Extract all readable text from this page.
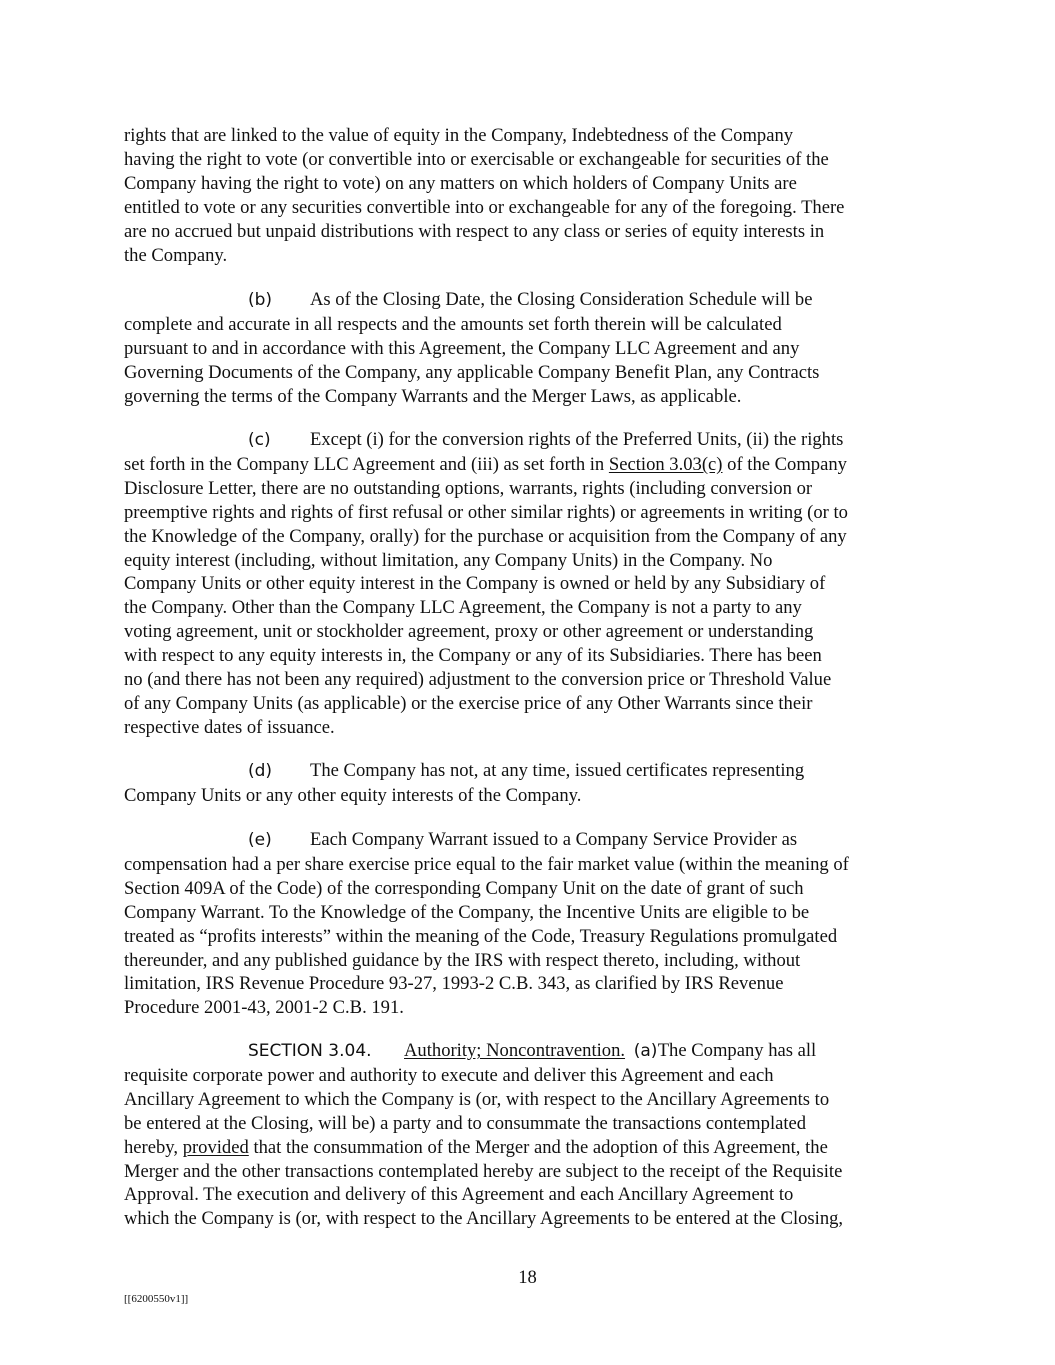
rights that are linked to the value of equity in the Company, Indebtedness of the Company
having the right to vote (or convertible into or exercisable or exchangeable for securities of the
Company having the right to vote) on any matters on which holders of Company Units are
entitled to vote or any securities convertible into or exchangeable for any of the foregoing. There
are no accrued but unpaid distributions with respect to any class or series of equity interests in
the Company.
(b) As of the Closing Date, the Closing Consideration Schedule will be
complete and accurate in all respects and the amounts set forth therein will be calculated
pursuant to and in accordance with this Agreement, the Company LLC Agreement and any
Governing Documents of the Company, any applicable Company Benefit Plan, any Contracts
governing the terms of the Company Warrants and the Merger Laws, as applicable.
(c) Except (i) for the conversion rights of the Preferred Units, (ii) the rights
set forth in the Company LLC Agreement and (iii) as set forth in Section 3.03(c) of the Company
Disclosure Letter, there are no outstanding options, warrants, rights (including conversion or
preemptive rights and rights of first refusal or other similar rights) or agreements in writing (or to
the Knowledge of the Company, orally) for the purchase or acquisition from the Company of any
equity interest (including, without limitation, any Company Units) in the Company. No
Company Units or other equity interest in the Company is owned or held by any Subsidiary of
the Company. Other than the Company LLC Agreement, the Company is not a party to any
voting agreement, unit or stockholder agreement, proxy or other agreement or understanding
with respect to any equity interests in, the Company or any of its Subsidiaries. There has been
no (and there has not been any required) adjustment to the conversion price or Threshold Value
of any Company Units (as applicable) or the exercise price of any Other Warrants since their
respective dates of issuance.
(d) The Company has not, at any time, issued certificates representing
Company Units or any other equity interests of the Company.
(e) Each Company Warrant issued to a Company Service Provider as
compensation had a per share exercise price equal to the fair market value (within the meaning of
Section 409A of the Code) of the corresponding Company Unit on the date of grant of such
Company Warrant. To the Knowledge of the Company, the Incentive Units are eligible to be
treated as “profits interests” within the meaning of the Code, Treasury Regulations promulgated
thereunder, and any published guidance by the IRS with respect thereto, including, without
limitation, IRS Revenue Procedure 93-27, 1993-2 C.B. 343, as clarified by IRS Revenue
Procedure 2001-43, 2001-2 C.B. 191.
SECTION 3.04. Authority; Noncontravention. (a)The Company has all
requisite corporate power and authority to execute and deliver this Agreement and each
Ancillary Agreement to which the Company is (or, with respect to the Ancillary Agreements to
be entered at the Closing, will be) a party and to consummate the transactions contemplated
hereby, provided that the consummation of the Merger and the adoption of this Agreement, the
Merger and the other transactions contemplated hereby are subject to the receipt of the Requisite
Approval. The execution and delivery of this Agreement and each Ancillary Agreement to
which the Company is (or, with respect to the Ancillary Agreements to be entered at the Closing,
18
[[6200550v1]]
